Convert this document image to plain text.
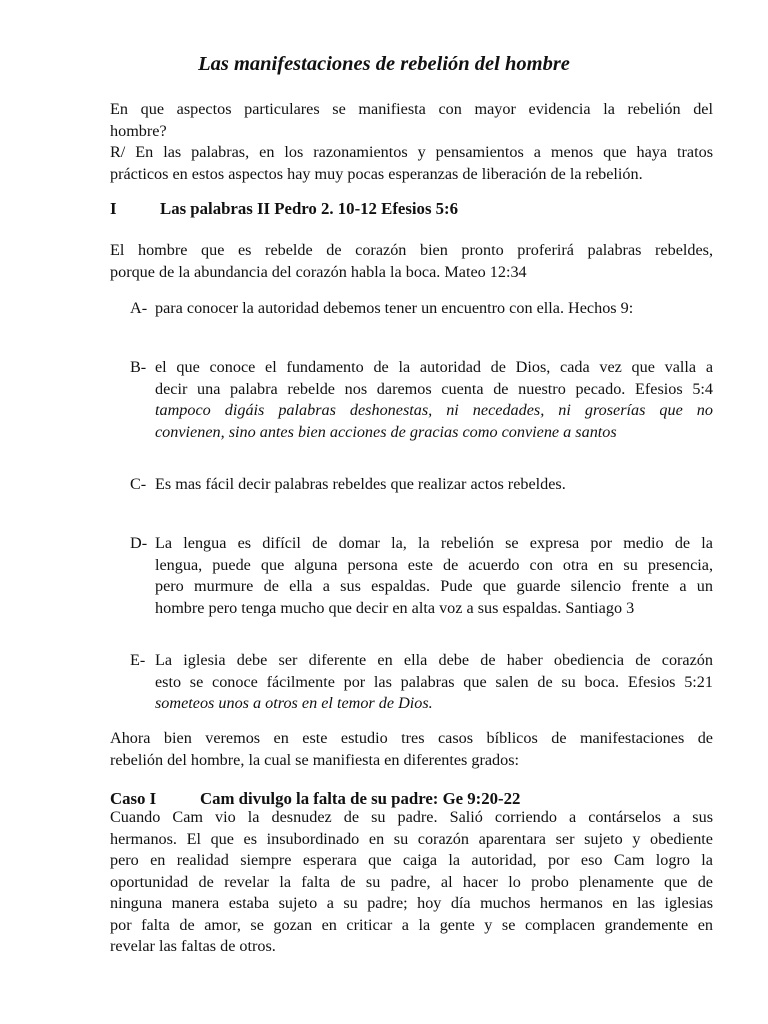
Las manifestaciones de rebelión del hombre
En que aspectos particulares se manifiesta con mayor evidencia la rebelión del
hombre?
R/ En las palabras, en los razonamientos y pensamientos a menos que haya tratos
prácticos en estos aspectos hay muy pocas esperanzas de liberación de la rebelión.
I	Las palabras II Pedro 2. 10-12 Efesios 5:6
El hombre que es rebelde de corazón bien pronto proferirá palabras rebeldes,
porque de la abundancia del corazón habla la boca. Mateo 12:34
A- para conocer la autoridad debemos tener un encuentro con ella. Hechos 9:
B- el que conoce el fundamento de la autoridad de Dios, cada vez que valla a
decir una palabra rebelde nos daremos cuenta de nuestro pecado. Efesios 5:4
tampoco digáis palabras deshonestas, ni necedades, ni groserías que no
convienen, sino antes bien acciones de gracias como conviene a santos
C- Es mas fácil decir palabras rebeldes que realizar actos rebeldes.
D- La lengua es difícil de domar la, la rebelión se expresa por medio de la
lengua, puede que alguna persona este de acuerdo con otra en su presencia,
pero murmure de ella a sus espaldas. Pude que guarde silencio frente a un
hombre pero tenga mucho que decir en alta voz a sus espaldas. Santiago 3
E- La iglesia debe ser diferente en ella debe de haber obediencia de corazón
esto se conoce fácilmente por las palabras que salen de su boca. Efesios 5:21
someteos unos a otros en el temor de Dios.
Ahora bien veremos en este estudio tres casos bíblicos de manifestaciones de
rebelión del hombre, la cual se manifiesta en diferentes grados:
Caso I	Cam divulgo la falta de su padre: Ge 9:20-22
Cuando Cam vio la desnudez de su padre. Salió corriendo a contárselos a sus
hermanos. El que es insubordinado en su corazón aparentara ser sujeto y obediente
pero en realidad siempre esperara que caiga la autoridad, por eso Cam logro la
oportunidad de revelar la falta de su padre, al hacer lo probo plenamente que de
ninguna manera estaba sujeto a su padre; hoy día muchos hermanos en las iglesias
por falta de amor, se gozan en criticar a la gente y se complacen grandemente en
revelar las faltas de otros.
